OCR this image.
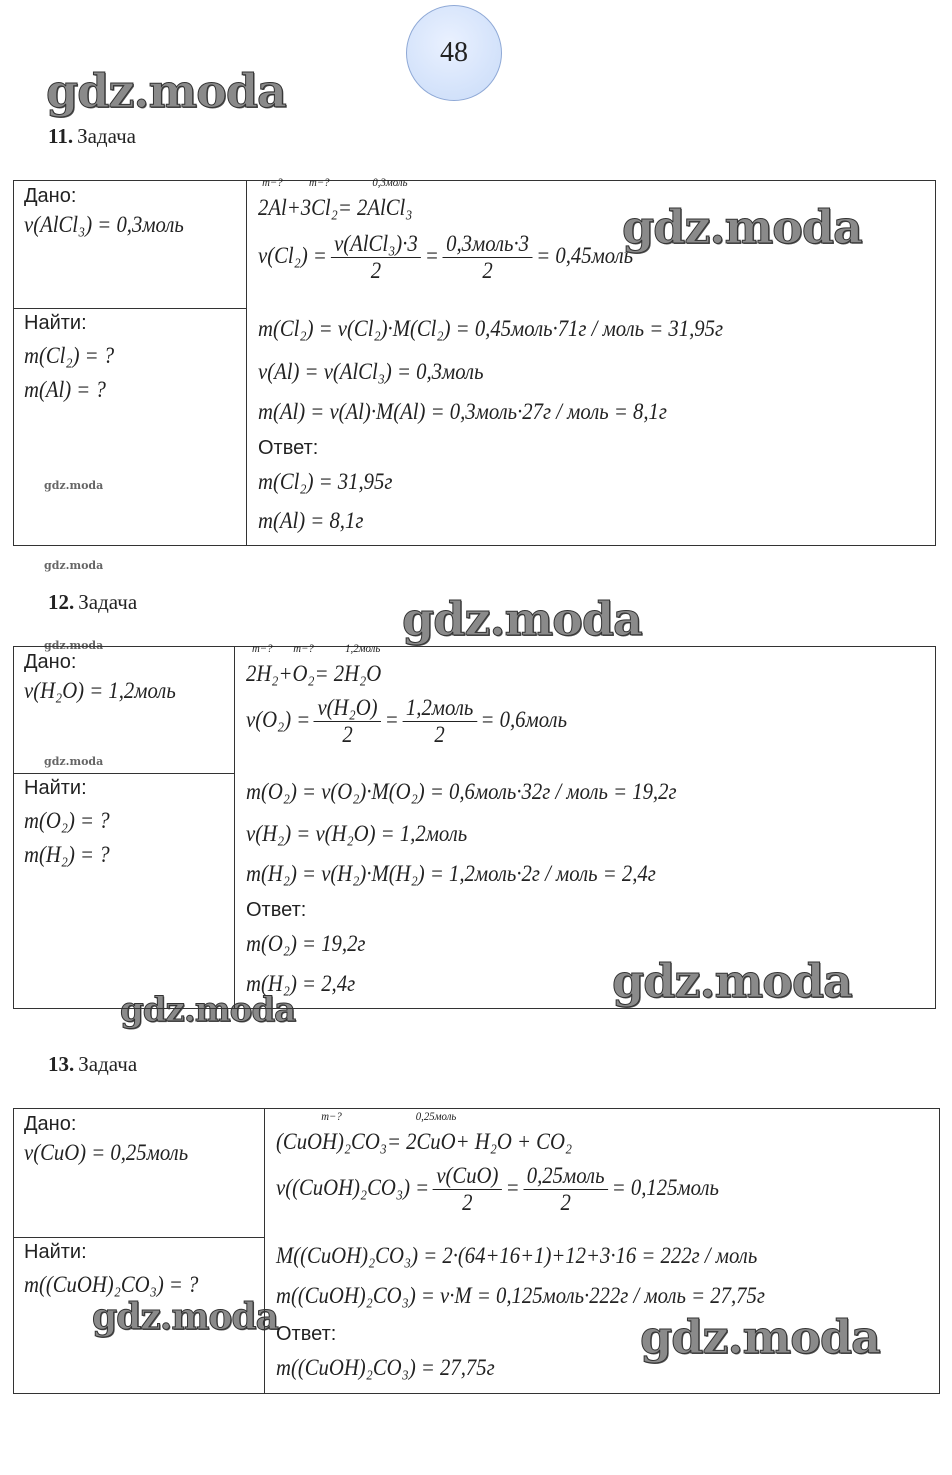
48
gdz.moda
gdz.moda
gdz.moda
gdz.moda
gdz.moda
gdz.moda
gdz.moda
gdz.moda
gdz.moda
gdz.moda	gdz.moda
11. Задача
Дано:
ν(AlCl₃) = 0,3моль
Найти:
m(Cl₂) = ?
m(Al) = ?
2Al
m−?
+3Cl₂
m−?
= 2AlCl₃
0,3моль
$\nu(Cl_2) = \frac{\text{ν(AlCl₃)·3}}{2} = \frac{\text{0,3моль·3}}{2}$ = 0,45моль
m(Cl₂) = ν(Cl₂)·M(Cl₂) = 0,45моль·71г / моль = 31,95г
ν(Al) = ν(AlCl₃) = 0,3моль
m(Al) = ν(Al)·M(Al) = 0,3моль·27г / моль = 8,1г
Ответ:
m(Cl₂) = 31,95г
m(Al) = 8,1г
12. Задача
Дано:
ν(H₂O) = 1,2моль
Найти:
m(O₂) = ?
m(H₂) = ?
2H₂
m−?
+O₂
m−?
= 2H₂O
1,2моль
$\nu(O_2) = \frac{\text{ν(H₂O)}}{2} = \frac{\text{1,2моль}}{2}$ = 0,6моль
m(O₂) = ν(O₂)·M(O₂) = 0,6моль·32г / моль = 19,2г
ν(H₂) = ν(H₂O) = 1,2моль
m(H₂) = ν(H₂)·M(H₂) = 1,2моль·2г / моль = 2,4г
Ответ:
m(O₂) = 19,2г
m(H₂) = 2,4г
13. Задача
Дано:
ν(CuO) = 0,25моль
Найти:
m((CuOH)₂CO₃) = ?
(CuOH)₂CO₃
m−?
= 2CuO
0,25моль
+ H₂O + CO₂
ν((CuOH)₂CO₃) = $\frac{\text{ν(CuO)}}{2} = \frac{\text{0,25моль}}{2}$ = 0,125моль
M((CuOH)₂CO₃) = 2·(64+16+1)+12+3·16 = 222г / моль
m((CuOH)₂CO₃) = ν·M = 0,125моль·222г / моль = 27,75г
Ответ:
m((CuOH)₂CO₃) = 27,75г
